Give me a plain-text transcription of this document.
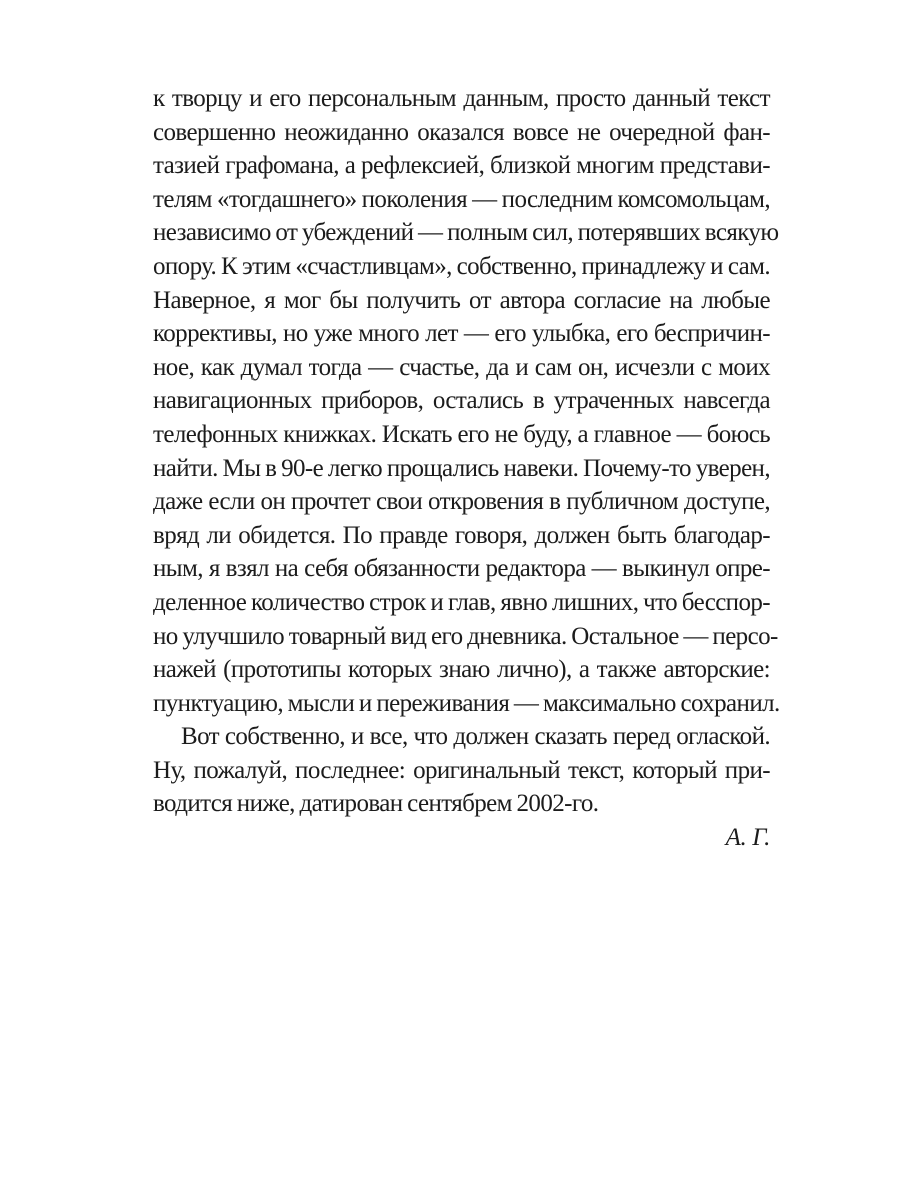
к творцу и его персональным данным, просто данный текст
совершенно неожиданно оказался вовсе не очередной фан-
тазией графомана, а рефлексией, близкой многим представи-
телям «тогдашнего» поколения — последним комсомольцам,
независимо от убеждений — полным сил, потерявших всякую
опору. К этим «счастливцам», собственно, принадлежу и сам.
Наверное, я мог бы получить от автора согласие на любые
коррективы, но уже много лет — его улыбка, его беспричин-
ное, как думал тогда — счастье, да и сам он, исчезли с моих
навигационных приборов, остались в утраченных навсегда
телефонных книжках. Искать его не буду, а главное — боюсь
найти. Мы в 90-е легко прощались навеки. Почему-то уверен,
даже если он прочтет свои откровения в публичном доступе,
вряд ли обидется. По правде говоря, должен быть благодар-
ным, я взял на себя обязанности редактора — выкинул опре-
деленное количество строк и глав, явно лишних, что бесспор-
но улучшило товарный вид его дневника. Остальное — персо-
нажей (прототипы которых знаю лично), а также авторские:
пунктуацию, мысли и переживания — максимально сохранил.
Вот собственно, и все, что должен сказать перед оглаской.
Ну, пожалуй, последнее: оригинальный текст, который при-
водится ниже, датирован сентябрем 2002-го.
А. Г.
